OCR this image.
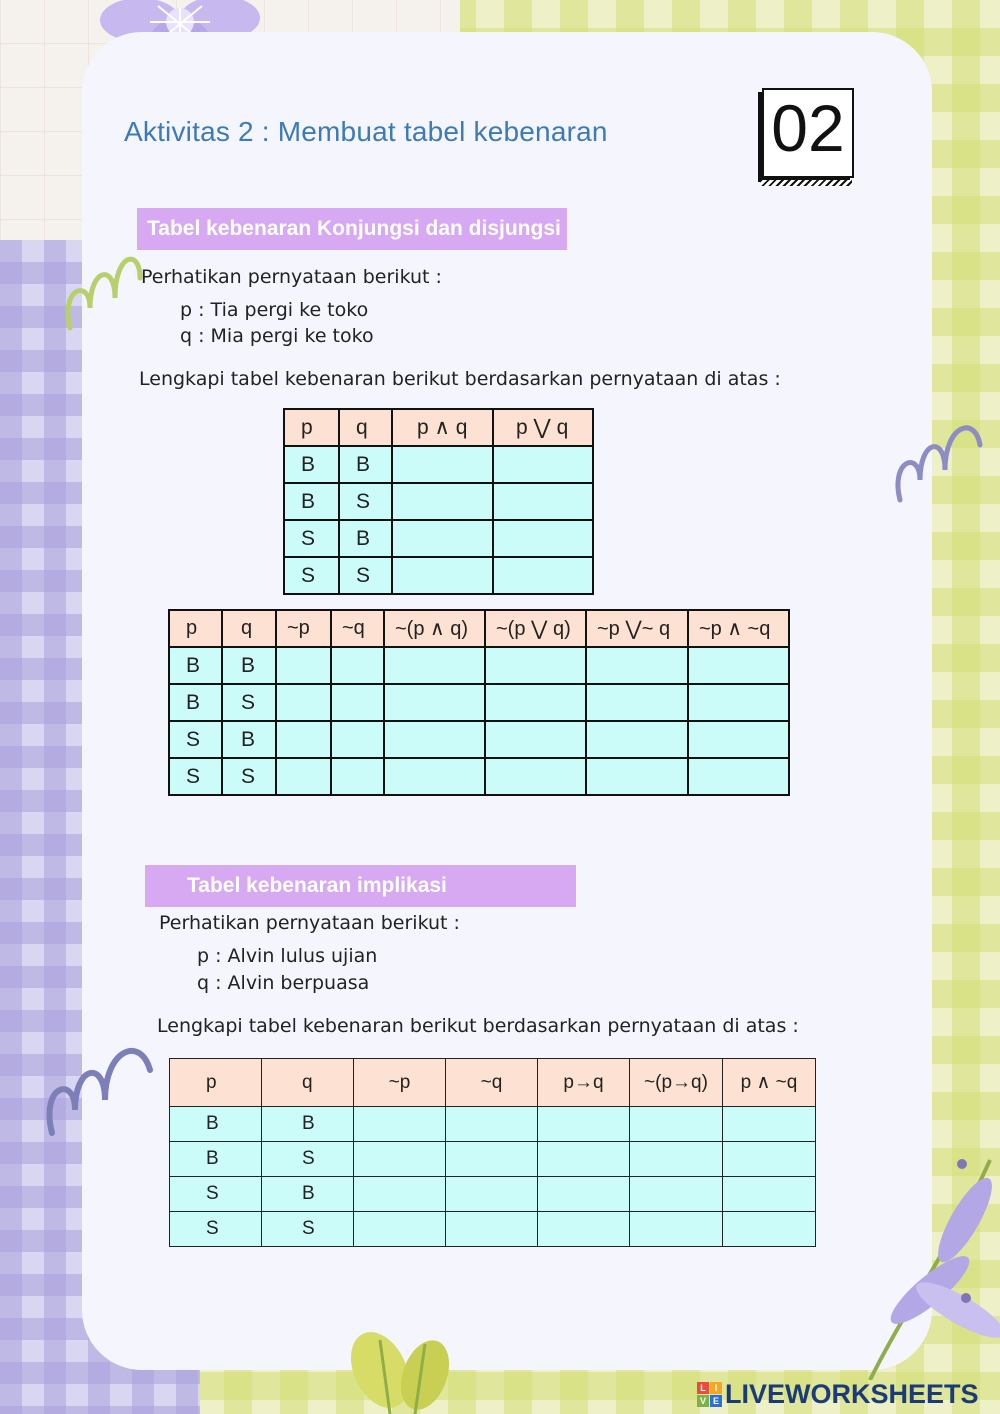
Aktivitas 2 : Membuat tabel kebenaran 02
Tabel kebenaran Konjungsi dan disjungsi

Perhatikan pernyataan berikut :

p : Tia pergi ke toko

q : Mia pergi ke toko

Lengkapi tabel kebenaran berikut berdasarkan pernyataan di atas :

p	q	p ∧ q	p ⋁ q
B	B		
B	S		
S	B		
S	S		
p	q	~p	~q	~(p ∧ q)	~(p ⋁ q)	~p ⋁~ q	~p ∧ ~q
B	B						
B	S						
S	B						
S	S						
Tabel kebenaran implikasi

Perhatikan pernyataan berikut :

p : Alvin lulus ujian

q : Alvin berpuasa

Lengkapi tabel kebenaran berikut berdasarkan pernyataan di atas :

p	q	~p	~q	p→q	~(p→q)	p ∧ ~q
B	B					
B	S					
S	B					
S	S					
L I
V E LIVEWORKSHEETS
